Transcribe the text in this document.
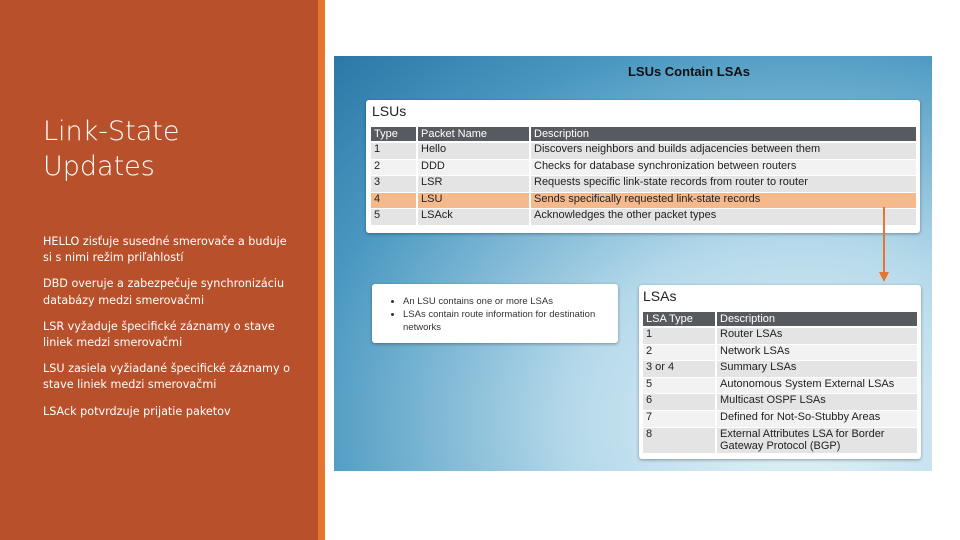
Link-State
Updates

HELLO zisťuje susedné smerovače a buduje si s nimi režim priľahlostí

DBD overuje a zabezpečuje synchronizáciu databázy medzi smerovačmi

LSR vyžaduje špecifické záznamy o stave liniek medzi smerovačmi

LSU zasiela vyžiadané špecifické záznamy o stave liniek medzi smerovačmi

LSAck potvrdzuje prijatie paketov

LSUs Contain LSAs
LSUs
Type	Packet Name	Description
1	Hello	Discovers neighbors and builds adjacencies between them
2	DDD	Checks for database synchronization between routers
3	LSR	Requests specific link-state records from router to router
4	LSU	Sends specifically requested link-state records
5	LSAck	Acknowledges the other packet types
• An LSU contains one or more LSAs
• LSAs contain route information for destination networks
LSAs
LSA Type	Description
1	Router LSAs
2	Network LSAs
3 or 4	Summary LSAs
5	Autonomous System External LSAs
6	Multicast OSPF LSAs
7	Defined for Not-So-Stubby Areas
8	External Attributes LSA for Border Gateway Protocol (BGP)
